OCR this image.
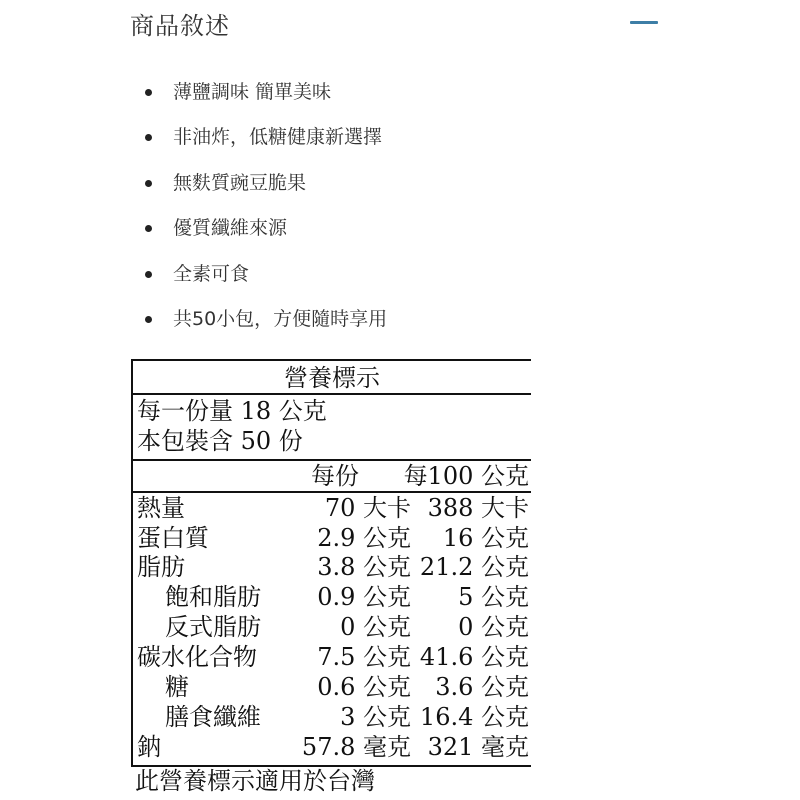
商品敘述
薄鹽調味 簡單美味
非油炸，低糖健康新選擇
無麩質豌豆脆果
優質纖維來源
全素可食
共50小包，方便隨時享用
營養標示
每一份量 18 公克
本包裝含 50 份
每份 每100 公克
熱量	70 大卡 388 大卡
蛋白質	2.9 公克 16 公克
脂肪	3.8 公克 21.2 公克
飽和脂肪 0.9 公克 5 公克
反式脂肪	0 公克 0 公克
碳水化合物	7.5 公克 41.6 公克
糖	0.6 公克 3.6 公克
膳食纖維	3 公克 16.4 公克
鈉	57.8 毫克 321 毫克
此營養標示適用於台灣
